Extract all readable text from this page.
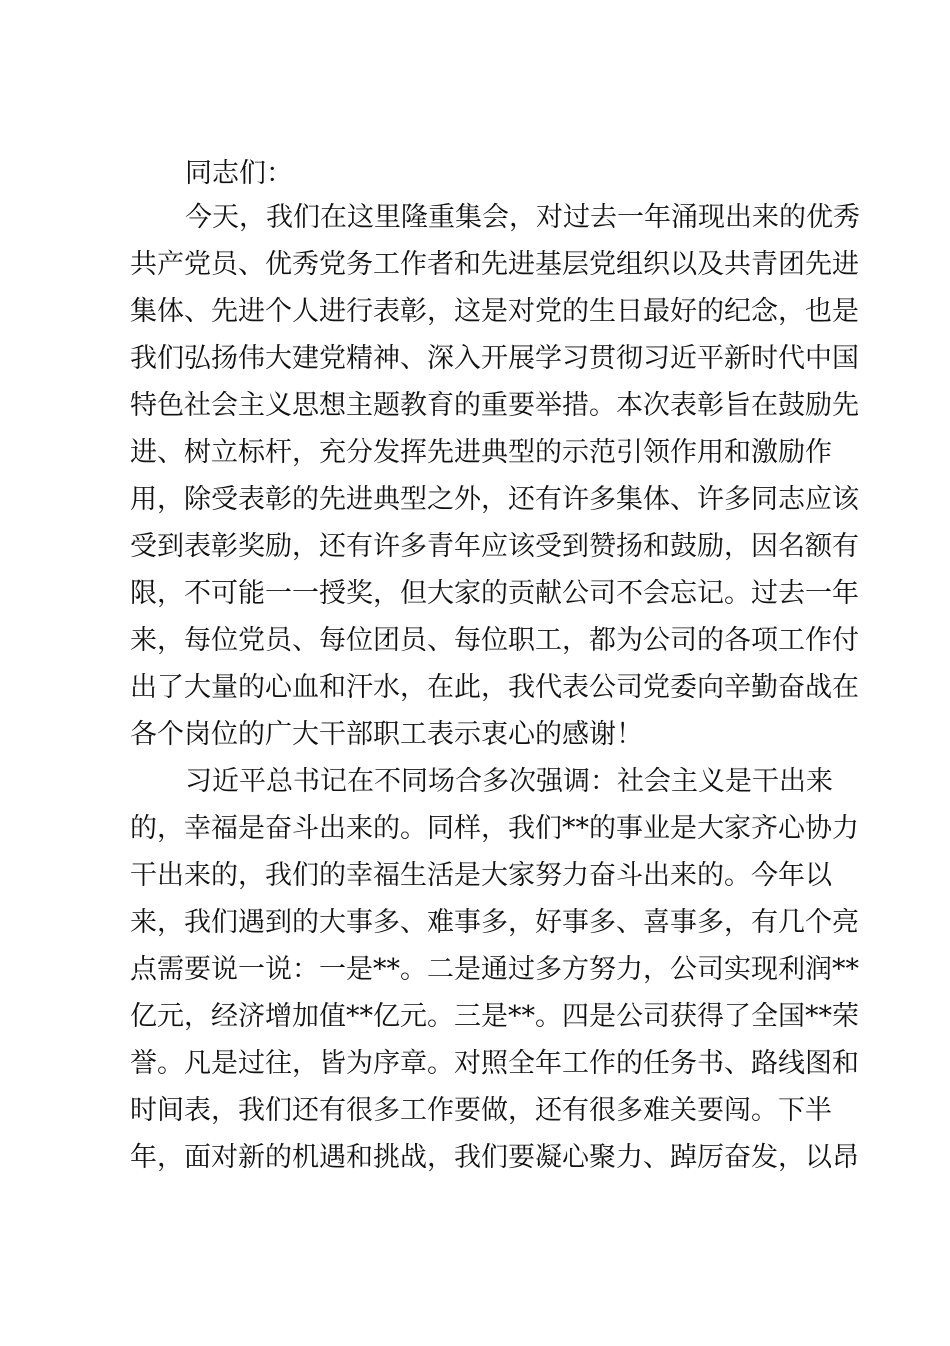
同志们：
今天，我们在这里隆重集会，对过去一年涌现出来的优秀
共产党员、优秀党务工作者和先进基层党组织以及共青团先进
集体、先进个人进行表彰，这是对党的生日最好的纪念，也是
我们弘扬伟大建党精神、深入开展学习贯彻习近平新时代中国
特色社会主义思想主题教育的重要举措。本次表彰旨在鼓励先
进、树立标杆，充分发挥先进典型的示范引领作用和激励作
用，除受表彰的先进典型之外，还有许多集体、许多同志应该
受到表彰奖励，还有许多青年应该受到赞扬和鼓励，因名额有
限，不可能一一授奖，但大家的贡献公司不会忘记。过去一年
来，每位党员、每位团员、每位职工，都为公司的各项工作付
出了大量的心血和汗水，在此，我代表公司党委向辛勤奋战在
各个岗位的广大干部职工表示衷心的感谢！
习近平总书记在不同场合多次强调：社会主义是干出来
的，幸福是奋斗出来的。同样，我们**的事业是大家齐心协力
干出来的，我们的幸福生活是大家努力奋斗出来的。今年以
来，我们遇到的大事多、难事多，好事多、喜事多，有几个亮
点需要说一说：一是**。二是通过多方努力，公司实现利润**
亿元，经济增加值**亿元。三是**。四是公司获得了全国**荣
誉。凡是过往，皆为序章。对照全年工作的任务书、路线图和
时间表，我们还有很多工作要做，还有很多难关要闯。下半
年，面对新的机遇和挑战，我们要凝心聚力、踔厉奋发，以昂
